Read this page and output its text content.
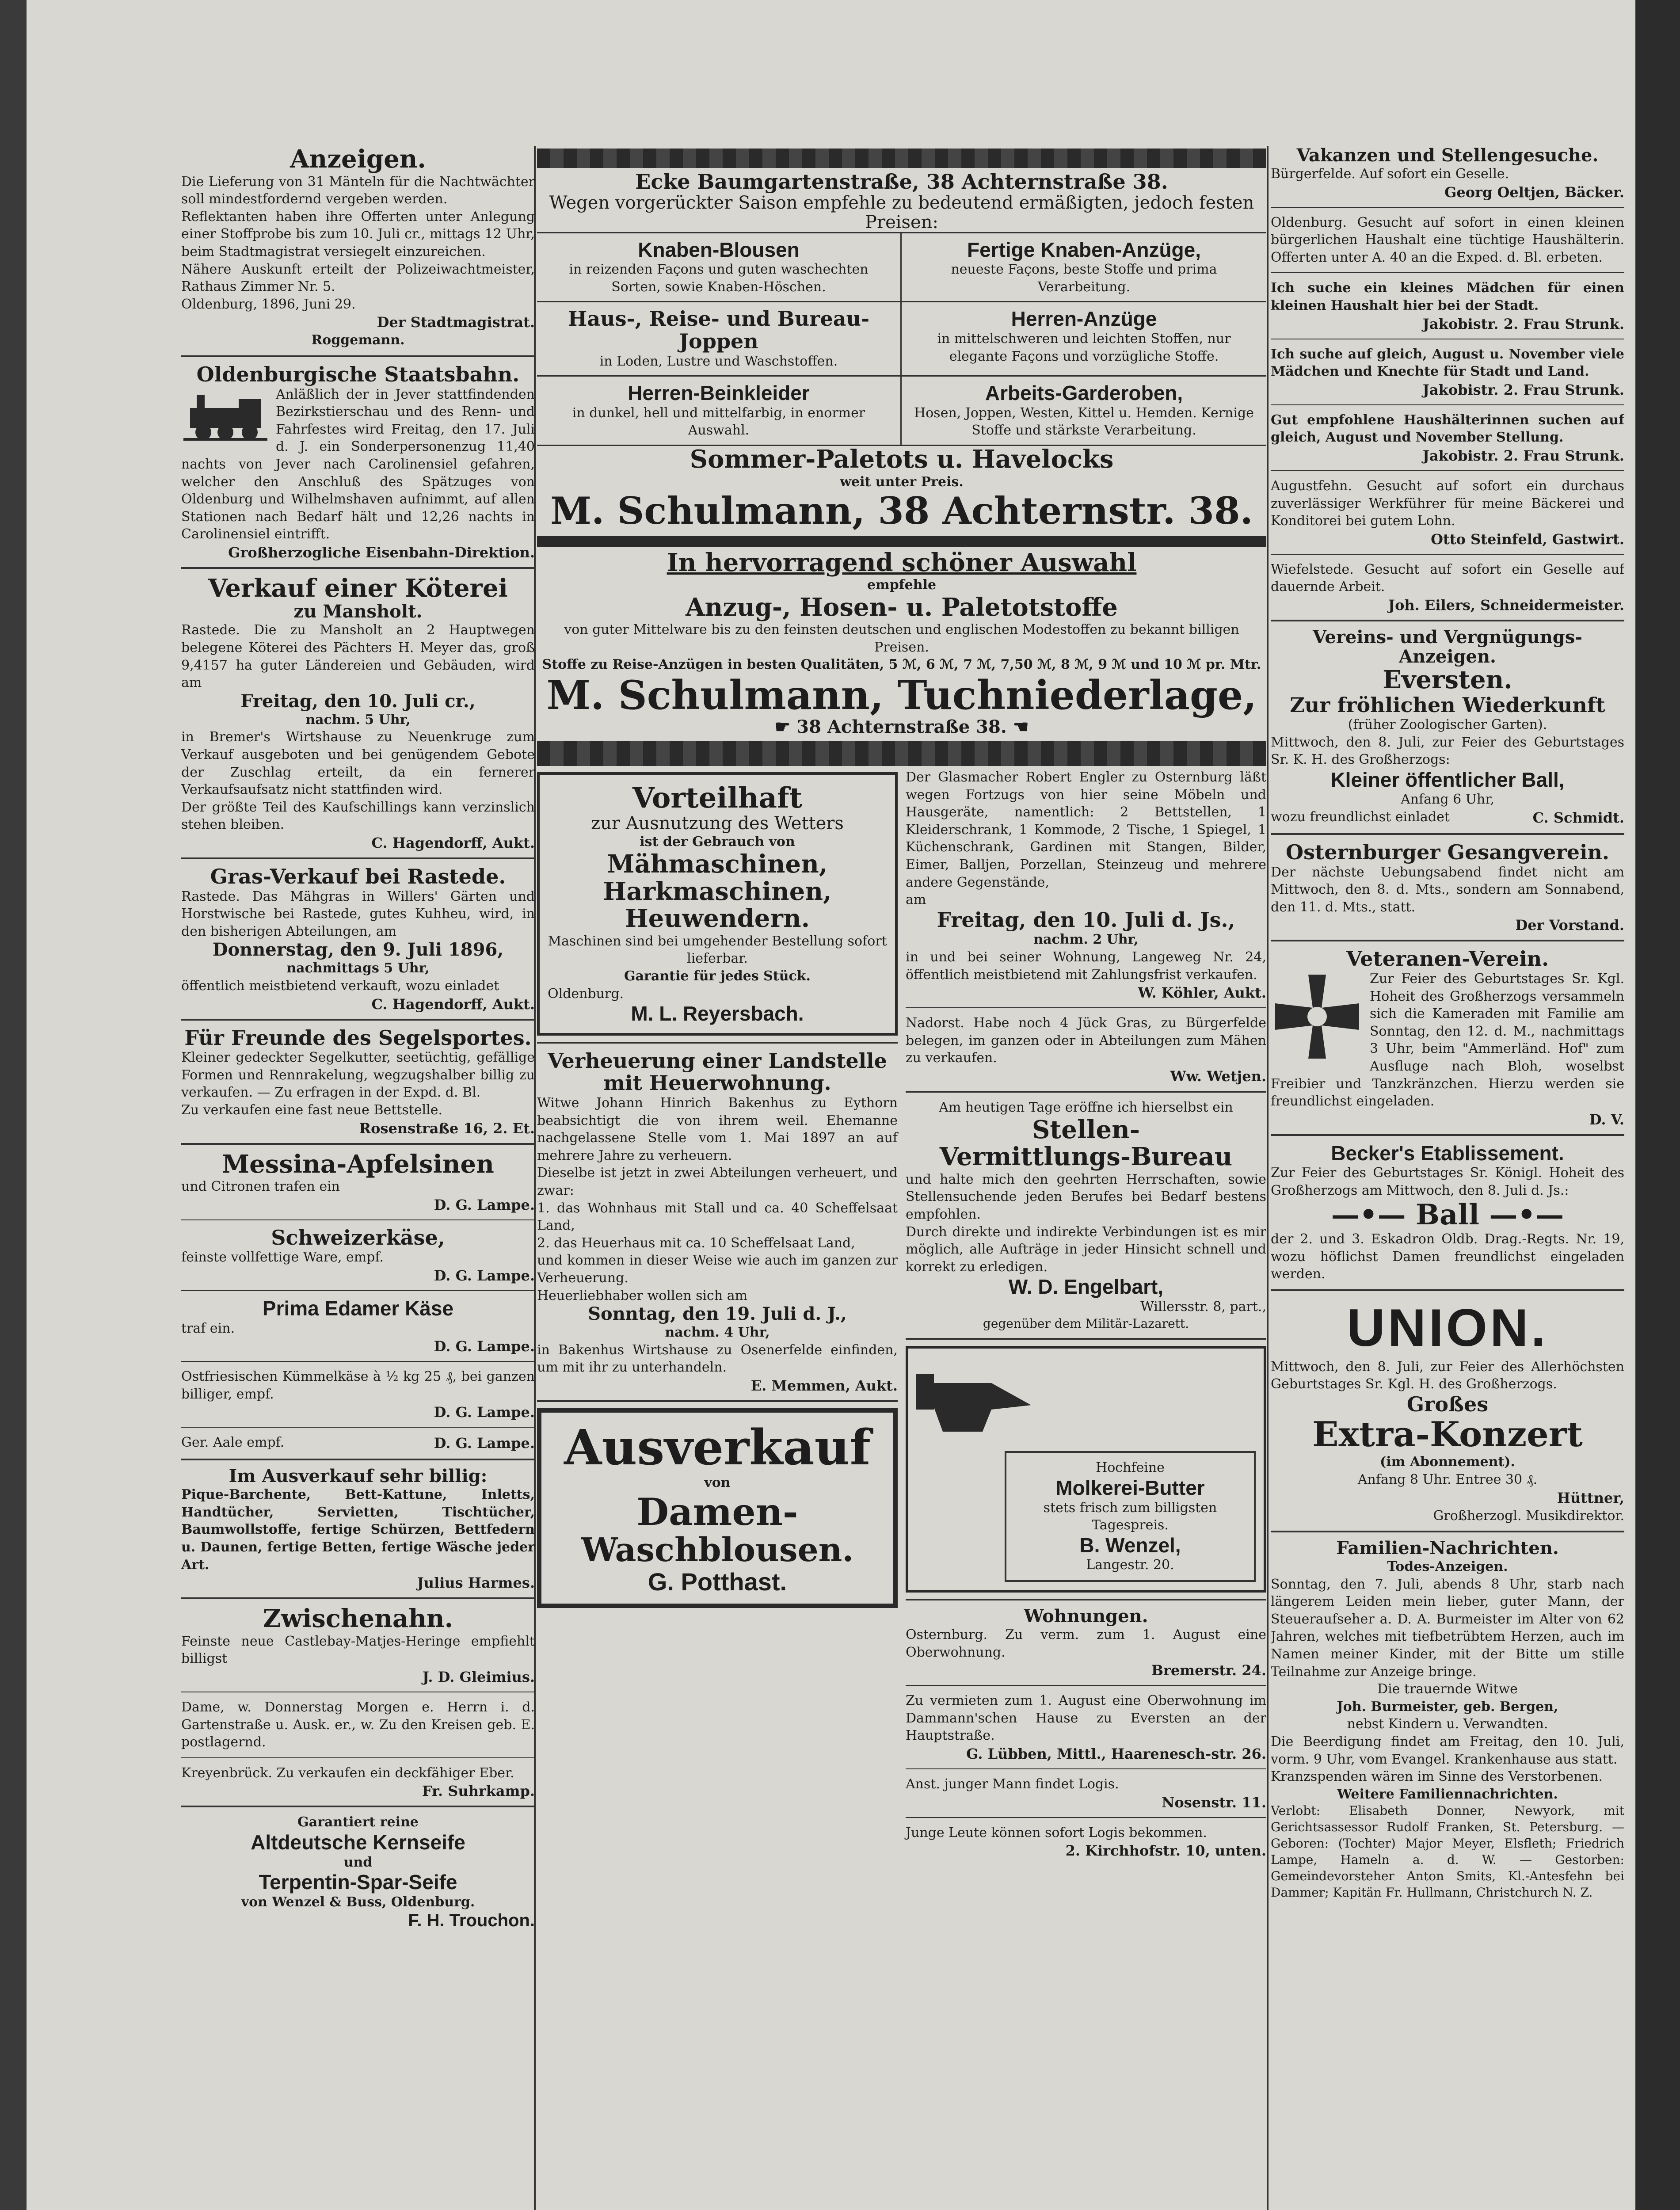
Anzeigen.

Die Lieferung von 31 Mänteln für die Nachtwächter soll mindestfordernd vergeben werden.
Reflektanten haben ihre Offerten unter Anlegung einer Stoffprobe bis zum 10. Juli cr., mittags 12 Uhr, beim Stadtmagistrat versiegelt einzureichen.
Nähere Auskunft erteilt der Polizeiwachtmeister, Rathaus Zimmer Nr. 5.

Oldenburg, 1896, Juni 29.

Der Stadtmagistrat.
Roggemann.
Oldenburgische Staatsbahn.

Anläßlich der in Jever stattfindenden Bezirkstierschau und des Renn- und Fahrfestes wird Freitag, den 17. Juli d. J. ein Sonderpersonenzug 11,40 nachts von Jever nach Carolinensiel gefahren, welcher den Anschluß des Spätzuges von Oldenburg und Wilhelmshaven aufnimmt, auf allen Stationen nach Bedarf hält und 12,26 nachts in Carolinensiel eintrifft.

Großherzogliche Eisenbahn-Direktion.
Verkauf einer Köterei
zu Mansholt.

Rastede. Die zu Mansholt an 2 Hauptwegen belegene Köterei des Pächters H. Meyer das, groß 9,4157 ha guter Ländereien und Gebäuden, wird am

Freitag, den 10. Juli cr.,
nachm. 5 Uhr,

in Bremer's Wirtshause zu Neuenkruge zum Verkauf ausgeboten und bei genügendem Gebote der Zuschlag erteilt, da ein fernerer Verkaufsaufsatz nicht stattfinden wird.
Der größte Teil des Kaufschillings kann verzinslich stehen bleiben.

C. Hagendorff, Aukt.
Gras-Verkauf bei Rastede.

Rastede. Das Mähgras in Willers' Gärten und Horstwische bei Rastede, gutes Kuhheu, wird, in den bisherigen Abteilungen, am

Donnerstag, den 9. Juli 1896,
nachmittags 5 Uhr,

öffentlich meistbietend verkauft, wozu einladet

C. Hagendorff, Aukt.
Für Freunde des Segelsportes.

Kleiner gedeckter Segelkutter, seetüchtig, gefällige Formen und Rennrakelung, wegzugshalber billig zu verkaufen. — Zu erfragen in der Expd. d. Bl.

Zu verkaufen eine fast neue Bettstelle.

Rosenstraße 16, 2. Et.
Messina-Apfelsinen

und Citronen trafen ein

D. G. Lampe.
Schweizerkäse,

feinste vollfettige Ware, empf.

D. G. Lampe.
Prima Edamer Käse

traf ein.

D. G. Lampe.

Ostfriesischen Kümmelkäse à ½ kg 25 ₰, bei ganzen billiger, empf.

D. G. Lampe.
Ger. Aale empf.	D. G. Lampe.
Im Ausverkauf sehr billig:

Pique-Barchente, Bett-Kattune, Inletts, Handtücher, Servietten, Tischtücher, Baumwollstoffe, fertige Schürzen, Bettfedern u. Daunen, fertige Betten, fertige Wäsche jeder Art.

Julius Harmes.
Zwischenahn.

Feinste neue Castlebay-Matjes-Heringe empfiehlt billigst

J. D. Gleimius.

Dame, w. Donnerstag Morgen e. Herrn i. d. Gartenstraße u. Ausk. er., w. Zu den Kreisen geb. E. postlagernd.

Kreyenbrück. Zu verkaufen ein deckfähiger Eber.

Fr. Suhrkamp.
Garantiert reine
Altdeutsche Kernseife
und
Terpentin-Spar-Seife
von Wenzel & Buss, Oldenburg.
F. H. Trouchon.
Ecke Baumgartenstraße, 38 Achternstraße 38.
Wegen vorgerückter Saison empfehle zu bedeutend ermäßigten, jedoch festen Preisen:
Knaben-Blousen

in reizenden Façons und guten waschechten Sorten, sowie Knaben-Höschen.

Fertige Knaben-Anzüge,

neueste Façons, beste Stoffe und prima Verarbeitung.

Haus-, Reise- und Bureau-Joppen

in Loden, Lustre und Waschstoffen.

Herren-Anzüge

in mittelschweren und leichten Stoffen, nur elegante Façons und vorzügliche Stoffe.

Herren-Beinkleider

in dunkel, hell und mittelfarbig, in enormer Auswahl.

Arbeits-Garderoben,

Hosen, Joppen, Westen, Kittel u. Hemden. Kernige Stoffe und stärkste Verarbeitung.

Sommer-Paletots u. Havelocks
weit unter Preis.
M. Schulmann, 38 Achternstr. 38.
In hervorragend schöner Auswahl
empfehle
Anzug-, Hosen- u. Paletotstoffe

von guter Mittelware bis zu den feinsten deutschen und englischen Modestoffen zu bekannt billigen Preisen.

Stoffe zu Reise-Anzügen in besten Qualitäten, 5 ℳ, 6 ℳ, 7 ℳ, 7,50 ℳ, 8 ℳ, 9 ℳ und 10 ℳ pr. Mtr.

M. Schulmann, Tuchniederlage,
☛ 38 Achternstraße 38. ☚
Vorteilhaft
zur Ausnutzung des Wetters
ist der Gebrauch von
Mähmaschinen,
Harkmaschinen,
Heuwendern.

Maschinen sind bei umgehender Bestellung sofort lieferbar.

Garantie für jedes Stück.
Oldenburg.
M. L. Reyersbach.
Verheuerung einer Landstelle
mit Heuerwohnung.

Witwe Johann Hinrich Bakenhus zu Eythorn beabsichtigt die von ihrem weil. Ehemanne nachgelassene Stelle vom 1. Mai 1897 an auf mehrere Jahre zu verheuern.
Dieselbe ist jetzt in zwei Abteilungen verheuert, und zwar:
1. das Wohnhaus mit Stall und ca. 40 Scheffelsaat Land,
2. das Heuerhaus mit ca. 10 Scheffelsaat Land,
und kommen in dieser Weise wie auch im ganzen zur Verheuerung.
Heuerliebhaber wollen sich am

Sonntag, den 19. Juli d. J.,
nachm. 4 Uhr,

in Bakenhus Wirtshause zu Osenerfelde einfinden, um mit ihr zu unterhandeln.

E. Memmen, Aukt.
Ausverkauf
von
Damen-
Waschblousen.
G. Potthast.

Der Glasmacher Robert Engler zu Osternburg läßt wegen Fortzugs von hier seine Möbeln und Hausgeräte, namentlich: 2 Bettstellen, 1 Kleiderschrank, 1 Kommode, 2 Tische, 1 Spiegel, 1 Küchenschrank, Gardinen mit Stangen, Bilder, Eimer, Balljen, Porzellan, Steinzeug und mehrere andere Gegenstände,

am
Freitag, den 10. Juli d. Js.,
nachm. 2 Uhr,

in und bei seiner Wohnung, Langeweg Nr. 24, öffentlich meistbietend mit Zahlungsfrist verkaufen.

W. Köhler, Aukt.

Nadorst. Habe noch 4 Jück Gras, zu Bürgerfelde belegen, im ganzen oder in Abteilungen zum Mähen zu verkaufen.

Ww. Wetjen.
Am heutigen Tage eröffne ich hierselbst ein
Stellen-
Vermittlungs-Bureau

und halte mich den geehrten Herrschaften, sowie Stellensuchende jeden Berufes bei Bedarf bestens empfohlen.
Durch direkte und indirekte Verbindungen ist es mir möglich, alle Aufträge in jeder Hinsicht schnell und korrekt zu erledigen.

W. D. Engelbart,
Willersstr. 8, part.,
gegenüber dem Militär-Lazarett.
Hochfeine
Molkerei-Butter

stets frisch zum billigsten Tagespreis.

B. Wenzel,
Langestr. 20.
Wohnungen.

Osternburg. Zu verm. zum 1. August eine Oberwohnung.

Bremerstr. 24.

Zu vermieten zum 1. August eine Oberwohnung im Dammann'schen Hause zu Eversten an der Hauptstraße.

G. Lübben, Mittl., Haarenesch-str. 26.

Anst. junger Mann findet Logis.

Nosenstr. 11.

Junge Leute können sofort Logis bekommen.

2. Kirchhofstr. 10, unten.
Vakanzen und Stellengesuche.

Bürgerfelde. Auf sofort ein Geselle.

Georg Oeltjen, Bäcker.

Oldenburg. Gesucht auf sofort in einen kleinen bürgerlichen Haushalt eine tüchtige Haushälterin. Offerten unter A. 40 an die Exped. d. Bl. erbeten.

Ich suche ein kleines Mädchen für einen kleinen Haushalt hier bei der Stadt.

Jakobistr. 2. Frau Strunk.

Ich suche auf gleich, August u. November viele Mädchen und Knechte für Stadt und Land.

Jakobistr. 2. Frau Strunk.

Gut empfohlene Haushälterinnen suchen auf gleich, August und November Stellung.

Jakobistr. 2. Frau Strunk.

Augustfehn. Gesucht auf sofort ein durchaus zuverlässiger Werkführer für meine Bäckerei und Konditorei bei gutem Lohn.

Otto Steinfeld, Gastwirt.

Wiefelstede. Gesucht auf sofort ein Geselle auf dauernde Arbeit.

Joh. Eilers, Schneidermeister.
Vereins- und Vergnügungs-Anzeigen.
Eversten.
Zur fröhlichen Wiederkunft
(früher Zoologischer Garten).

Mittwoch, den 8. Juli, zur Feier des Geburtstages Sr. K. H. des Großherzogs:

Kleiner öffentlicher Ball,
Anfang 6 Uhr,
wozu freundlichst einladet	C. Schmidt.
Osternburger Gesangverein.

Der nächste Uebungsabend findet nicht am Mittwoch, den 8. d. Mts., sondern am Sonnabend, den 11. d. Mts., statt.

Der Vorstand.
Veteranen-Verein.

Zur Feier des Geburtstages Sr. Kgl. Hoheit des Großherzogs versammeln sich die Kameraden mit Familie am Sonntag, den 12. d. M., nachmittags 3 Uhr, beim "Ammerländ. Hof" zum Ausfluge nach Bloh, woselbst Freibier und Tanzkränzchen. Hierzu werden sie freundlichst eingeladen.

D. V.
Becker's Etablissement.

Zur Feier des Geburtstages Sr. Königl. Hoheit des Großherzogs am Mittwoch, den 8. Juli d. Js.:

—•— Ball —•—

der 2. und 3. Eskadron Oldb. Drag.-Regts. Nr. 19, wozu höflichst Damen freundlichst eingeladen werden.

UNION.

Mittwoch, den 8. Juli, zur Feier des Allerhöchsten Geburtstages Sr. Kgl. H. des Großherzogs.

Großes
Extra-Konzert
(im Abonnement).
Anfang 8 Uhr. Entree 30 ₰.
Hüttner,
Großherzogl. Musikdirektor.
Familien-Nachrichten.
Todes-Anzeigen.

Sonntag, den 7. Juli, abends 8 Uhr, starb nach längerem Leiden mein lieber, guter Mann, der Steueraufseher a. D. A. Burmeister im Alter von 62 Jahren, welches mit tiefbetrübtem Herzen, auch im Namen meiner Kinder, mit der Bitte um stille Teilnahme zur Anzeige bringe.

Die trauernde Witwe
Joh. Burmeister, geb. Bergen,
nebst Kindern u. Verwandten.

Die Beerdigung findet am Freitag, den 10. Juli, vorm. 9 Uhr, vom Evangel. Krankenhause aus statt.
Kranzspenden wären im Sinne des Verstorbenen.

Weitere Familiennachrichten.

Verlobt: Elisabeth Donner, Newyork, mit Gerichtsassessor Rudolf Franken, St. Petersburg. — Geboren: (Tochter) Major Meyer, Elsfleth; Friedrich Lampe, Hameln a. d. W. — Gestorben: Gemeindevorsteher Anton Smits, Kl.-Antesfehn bei Dammer; Kapitän Fr. Hullmann, Christchurch N. Z.
